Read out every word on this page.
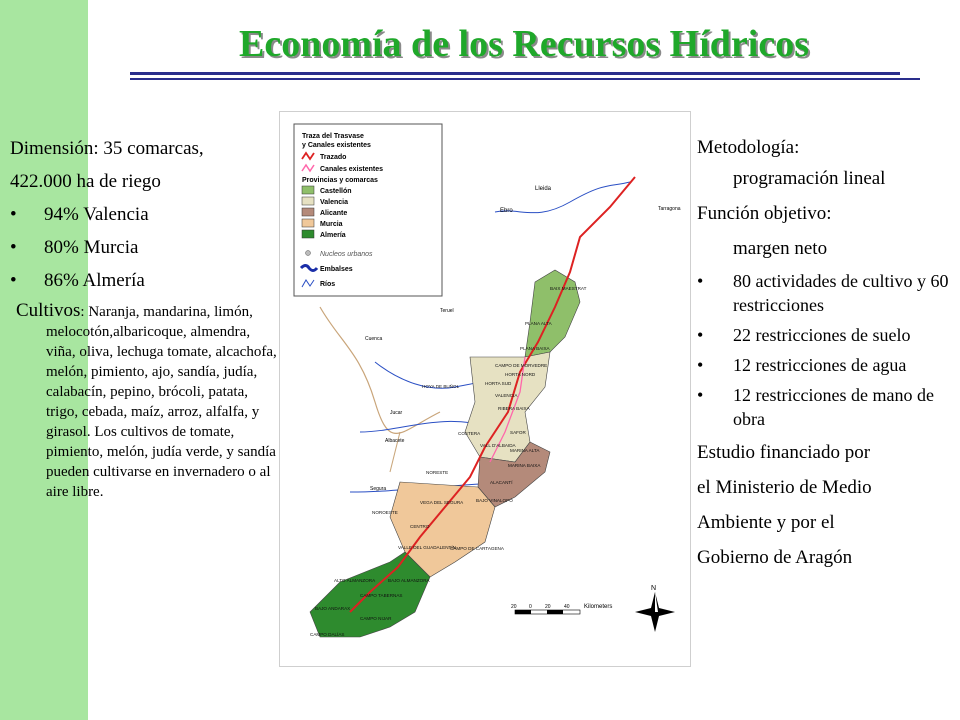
Economía de los Recursos Hídricos
Dimensión: 35 comarcas,
422.000 ha de riego
• 94% Valencia
• 80% Murcia
• 86% Almería
Cultivos: Naranja, mandarina, limón, melocotón,albaricoque, almendra, viña, oliva, lechuga tomate, alcachofa, melón, pimiento, ajo, sandía, judía, calabacín, pepino, brócoli, patata, trigo, cebada, maíz, arroz, alfalfa, y girasol. Los cultivos de tomate, pimiento, melón, judía verde, y sandía pueden cultivarse en invernadero o al aire libre.
Traza del Trasvase
y Canales existentes
Trazado
Canales existentes
Provincias y comarcas
Castellón
Valencia
Alicante
Murcia
Almería
Nucleos urbanos
Embalses
Ríos
Lleida
Ebro	Tarragona
Teruel
Cuenca
Albacete
Segura
Jucar
BAIX MAESTRAT
PLANA ALTA
PLANA BAIXA
CAMPO DE MORVEDRE
HORTA NORD
HOYA DE BUÑOL
HORTA SUD
VALENCIA
RIBERA BAIXA
SAFOR
COSTERA
VALL D'ALBAIDA
MARINA ALTA
MARINA BAIXA
ALACANTÍ
NORESTE
VEGA DEL SEGURA
NOROESTE
CENTRO
BAJO VINALOPÓ
VALLE DEL GUADALENTÍN
CAMPO DE CARTAGENA
BAJO ALMANZORA
ALTO ALMANZORA
CAMPO TABERNAS
BAJO ANDARAX
CAMPO NIJAR
CAMPO DALÍAS
20 0	20	40 Kilometers
N
Metodología:
programación lineal
Función objetivo:
margen neto
• 80 actividades de cultivo y 60 restricciones
• 22 restricciones de suelo
• 12 restricciones de agua
• 12 restricciones de mano de obra
Estudio financiado por
el Ministerio de Medio
Ambiente y por el
Gobierno de Aragón
